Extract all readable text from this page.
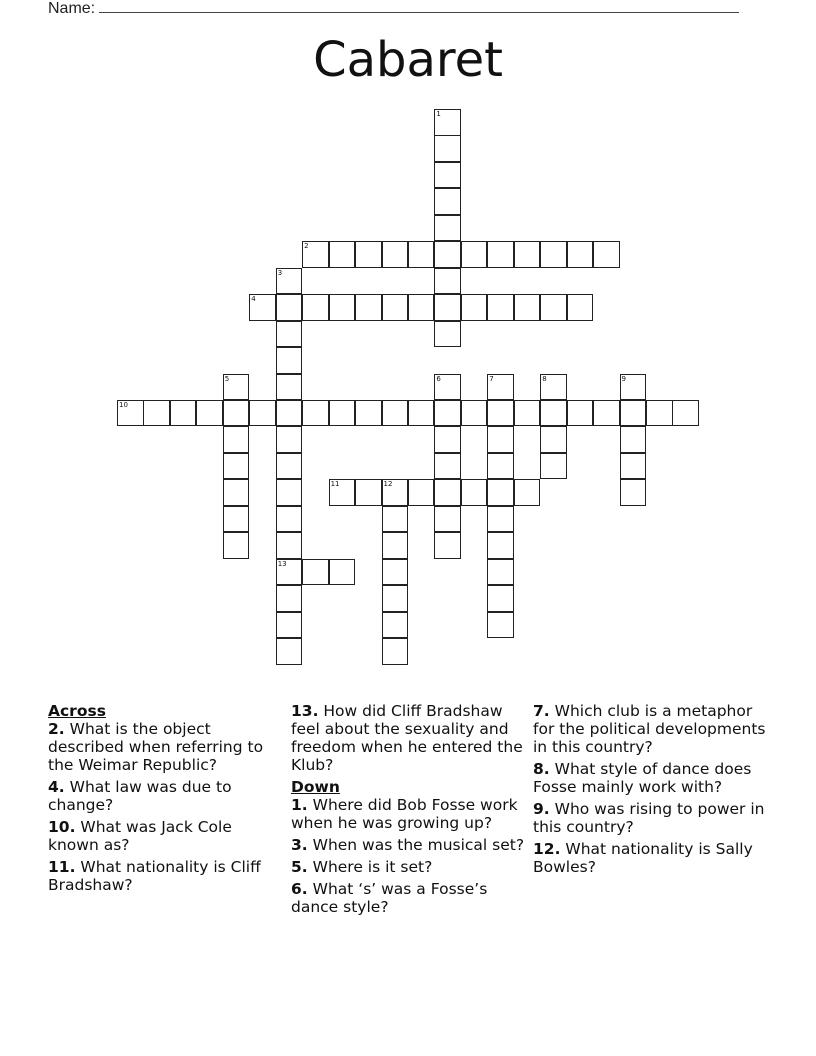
Name:
Cabaret
1
2
3
13
4
5	6	7	8	9
10
11	12
Across
2. What is the object described when referring to the Weimar Republic?
4. What law was due to change?
10. What was Jack Cole known as?
11. What nationality is Cliff Bradshaw?
13. How did Cliff Bradshaw feel about the sexuality and freedom when he entered the Klub?
Down
1. Where did Bob Fosse work when he was growing up?
3. When was the musical set?
5. Where is it set?
6. What ‘s’ was a Fosse’s dance style?
7. Which club is a metaphor for the political developments in this country?
8. What style of dance does Fosse mainly work with?
9. Who was rising to power in this country?
12. What nationality is Sally Bowles?
